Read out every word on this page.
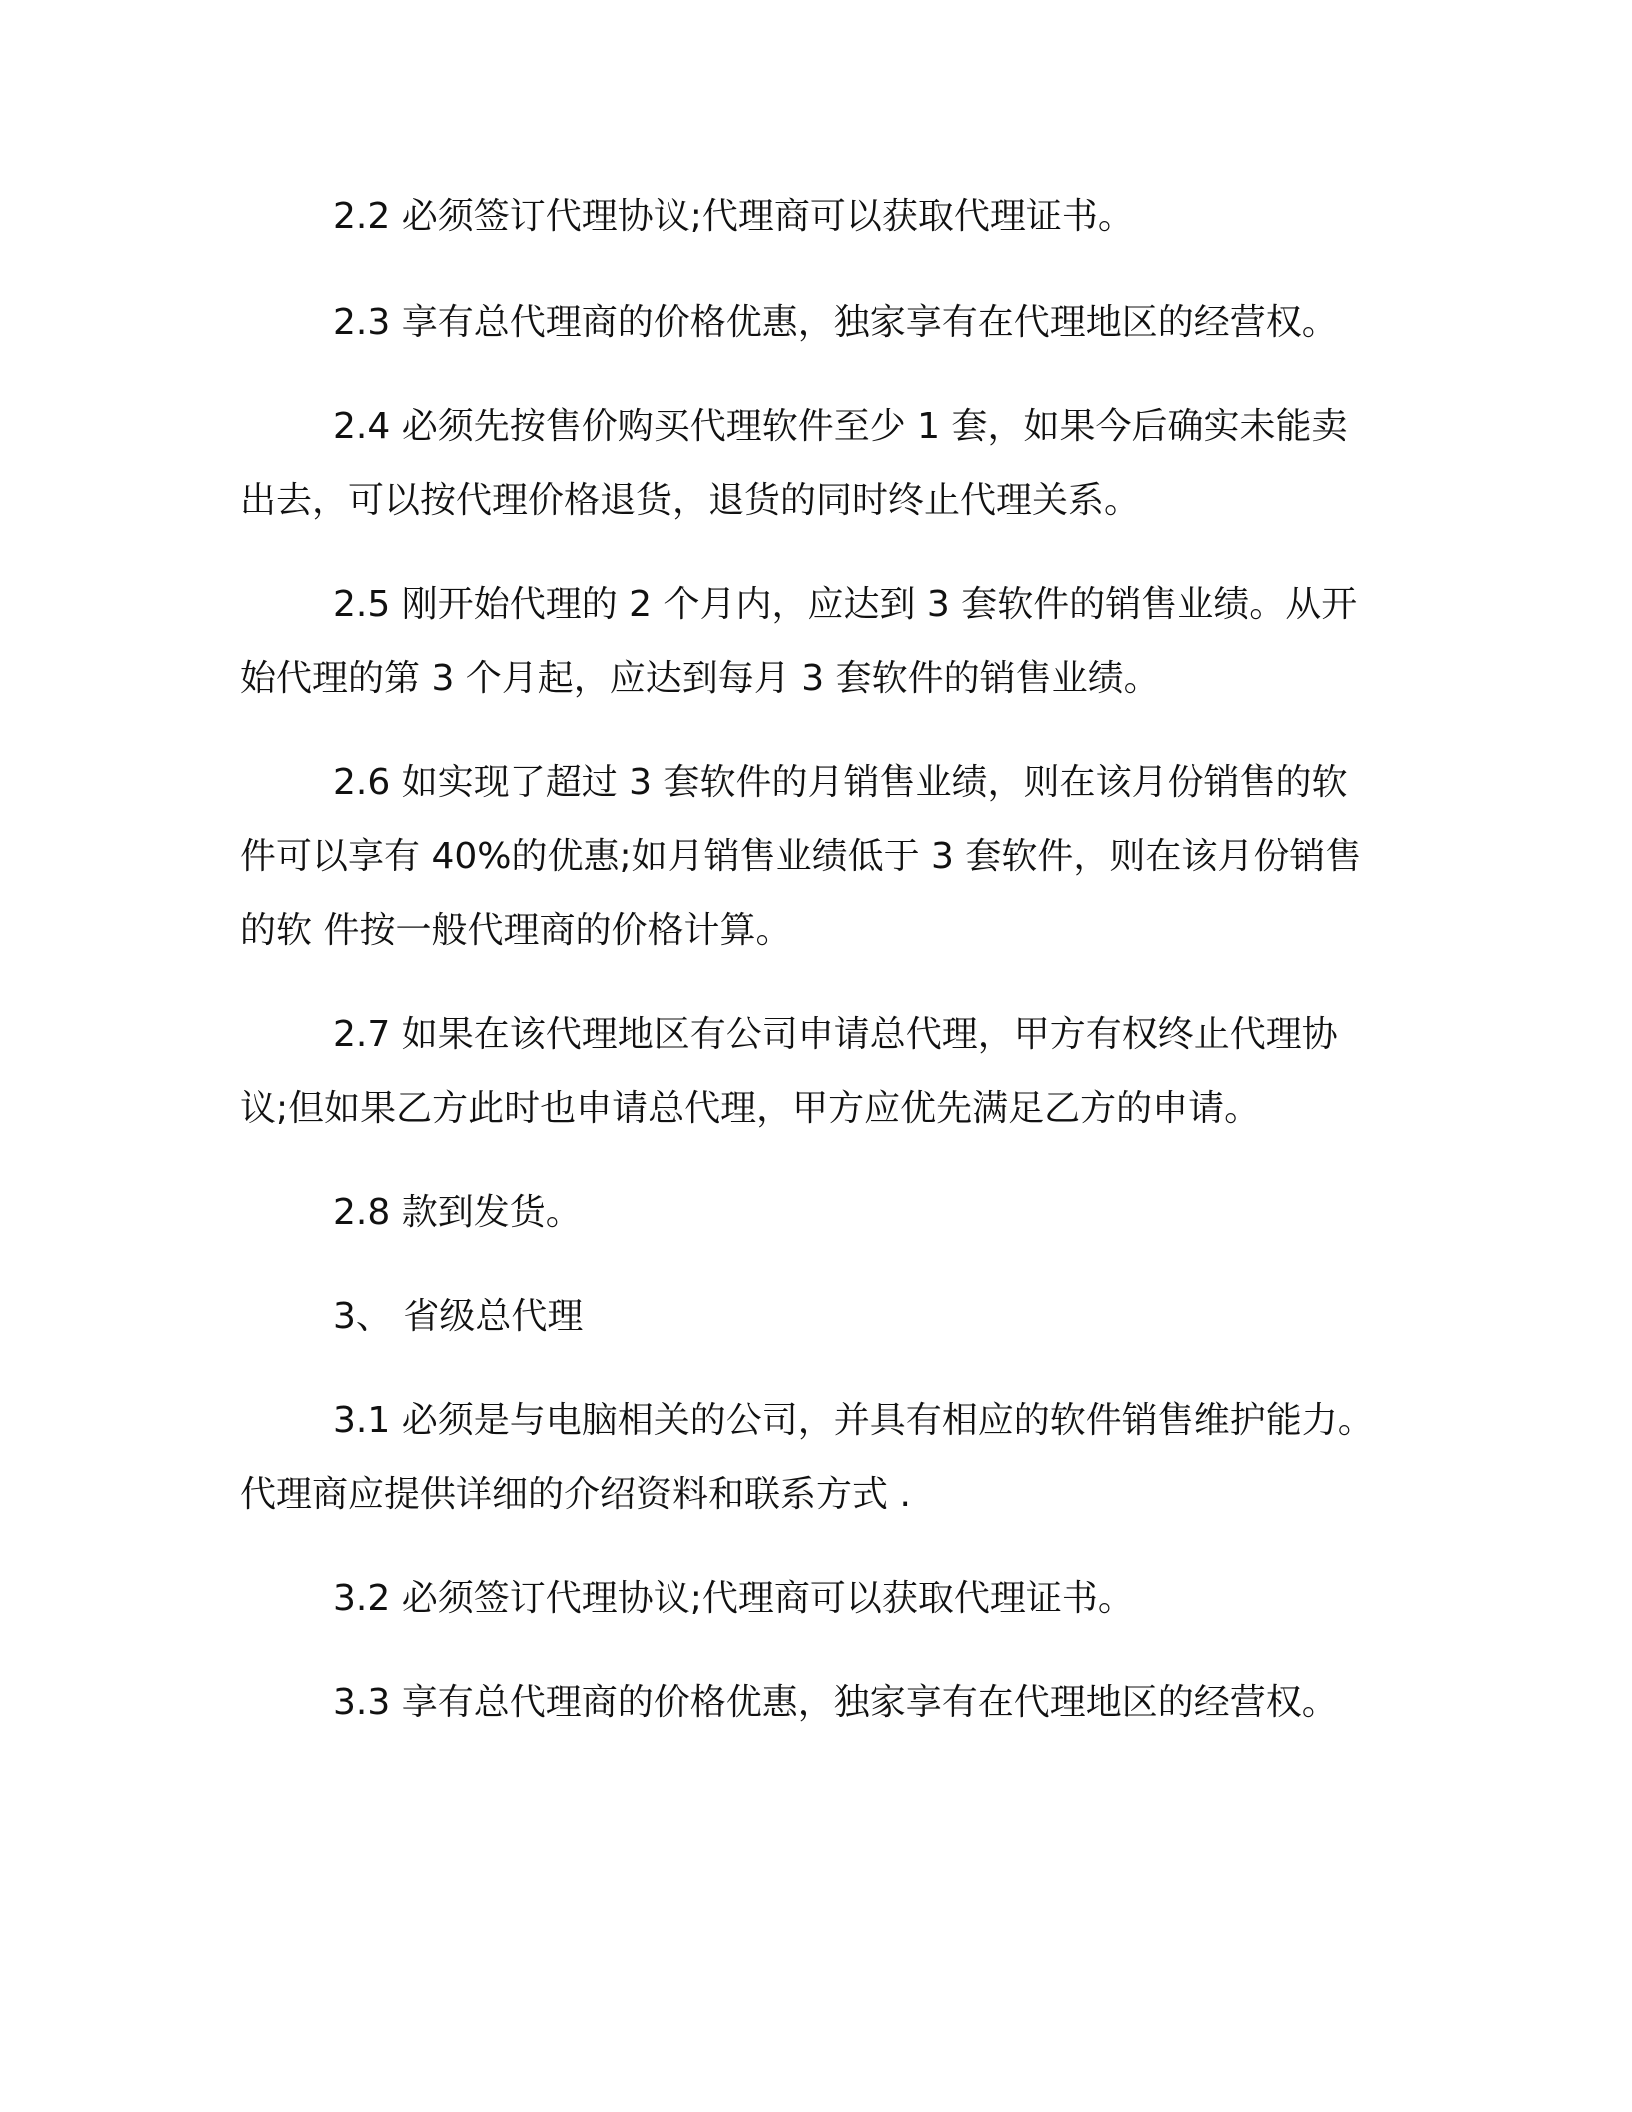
2.2 必须签订代理协议;代理商可以获取代理证书。

2.3 享有总代理商的价格优惠，独家享有在代理地区的经营权。

2.4 必须先按售价购买代理软件至少 1 套，如果今后确实未能卖

出去，可以按代理价格退货，退货的同时终止代理关系。

2.5 刚开始代理的 2 个月内，应达到 3 套软件的销售业绩。从开

始代理的第 3 个月起，应达到每月 3 套软件的销售业绩。

2.6 如实现了超过 3 套软件的月销售业绩，则在该月份销售的软

件可以享有 40%的优惠;如月销售业绩低于 3 套软件，则在该月份销售

的软 件按一般代理商的价格计算。

2.7 如果在该代理地区有公司申请总代理，甲方有权终止代理协

议;但如果乙方此时也申请总代理，甲方应优先满足乙方的申请。

2.8 款到发货。

3、 省级总代理

3.1 必须是与电脑相关的公司，并具有相应的软件销售维护能力。

代理商应提供详细的介绍资料和联系方式 .

3.2 必须签订代理协议;代理商可以获取代理证书。

3.3 享有总代理商的价格优惠，独家享有在代理地区的经营权。
